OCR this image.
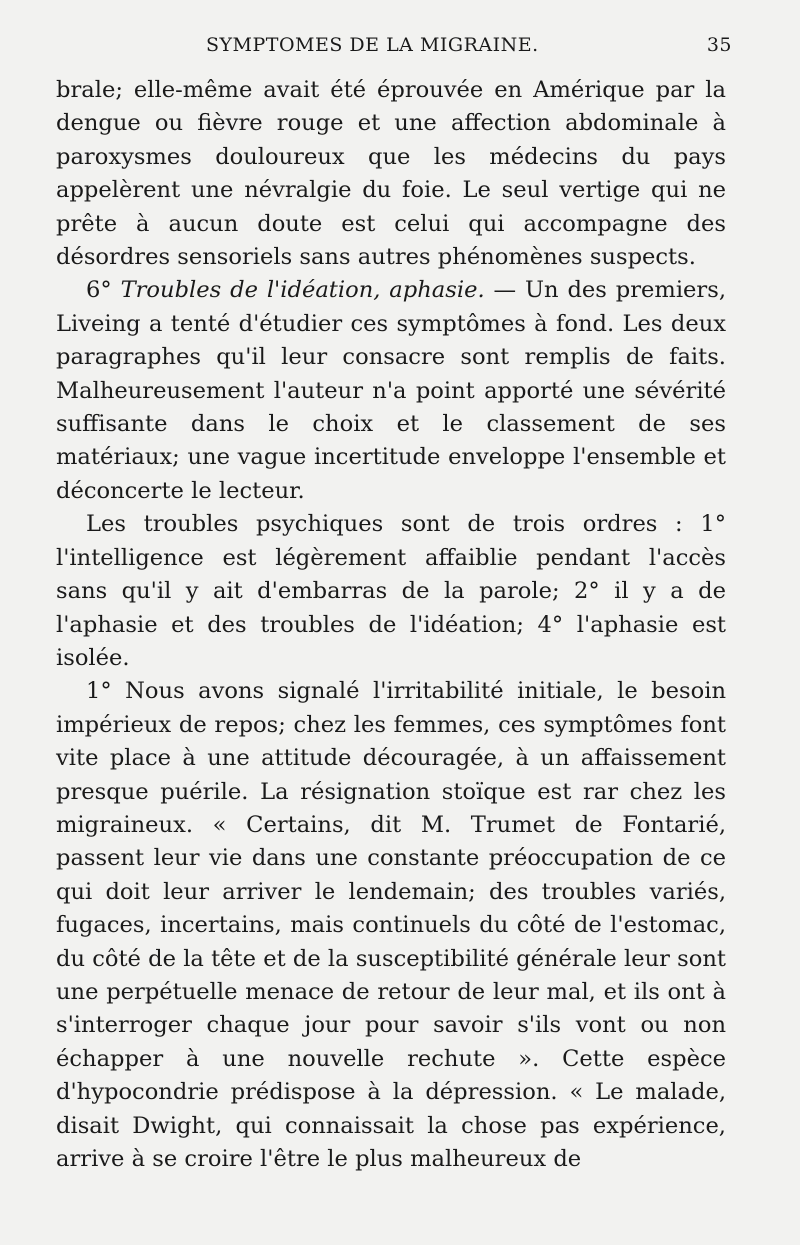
SYMPTOMES DE LA MIGRAINE.	35

brale; elle-même avait été éprouvée en Amérique par la dengue ou fièvre rouge et une affection abdominale à paroxysmes douloureux que les médecins du pays appelèrent une névralgie du foie. Le seul vertige qui ne prête à aucun doute est celui qui accompagne des désordres sensoriels sans autres phénomènes suspects.

6° Troubles de l'idéation, aphasie. — Un des premiers, Liveing a tenté d'étudier ces symptômes à fond. Les deux paragraphes qu'il leur consacre sont remplis de faits. Malheureusement l'auteur n'a point apporté une sévérité suffisante dans le choix et le classement de ses matériaux; une vague incertitude enveloppe l'ensemble et déconcerte le lecteur.

Les troubles psychiques sont de trois ordres : 1° l'intelligence est légèrement affaiblie pendant l'accès sans qu'il y ait d'embarras de la parole; 2° il y a de l'aphasie et des troubles de l'idéation; 4° l'aphasie est isolée.

1° Nous avons signalé l'irritabilité initiale, le besoin impérieux de repos; chez les femmes, ces symptômes font vite place à une attitude découragée, à un affaissement presque puérile. La résignation stoïque est rar chez les migraineux. « Certains, dit M. Trumet de Fontarié, passent leur vie dans une constante préoccupation de ce qui doit leur arriver le lendemain; des troubles variés, fugaces, incertains, mais continuels du côté de l'estomac, du côté de la tête et de la susceptibilité générale leur sont une perpétuelle menace de retour de leur mal, et ils ont à s'interroger chaque jour pour savoir s'ils vont ou non échapper à une nouvelle rechute ». Cette espèce d'hypocondrie prédispose à la dépression. « Le malade, disait Dwight, qui connaissait la chose pas expérience, arrive à se croire l'être le plus malheureux de
